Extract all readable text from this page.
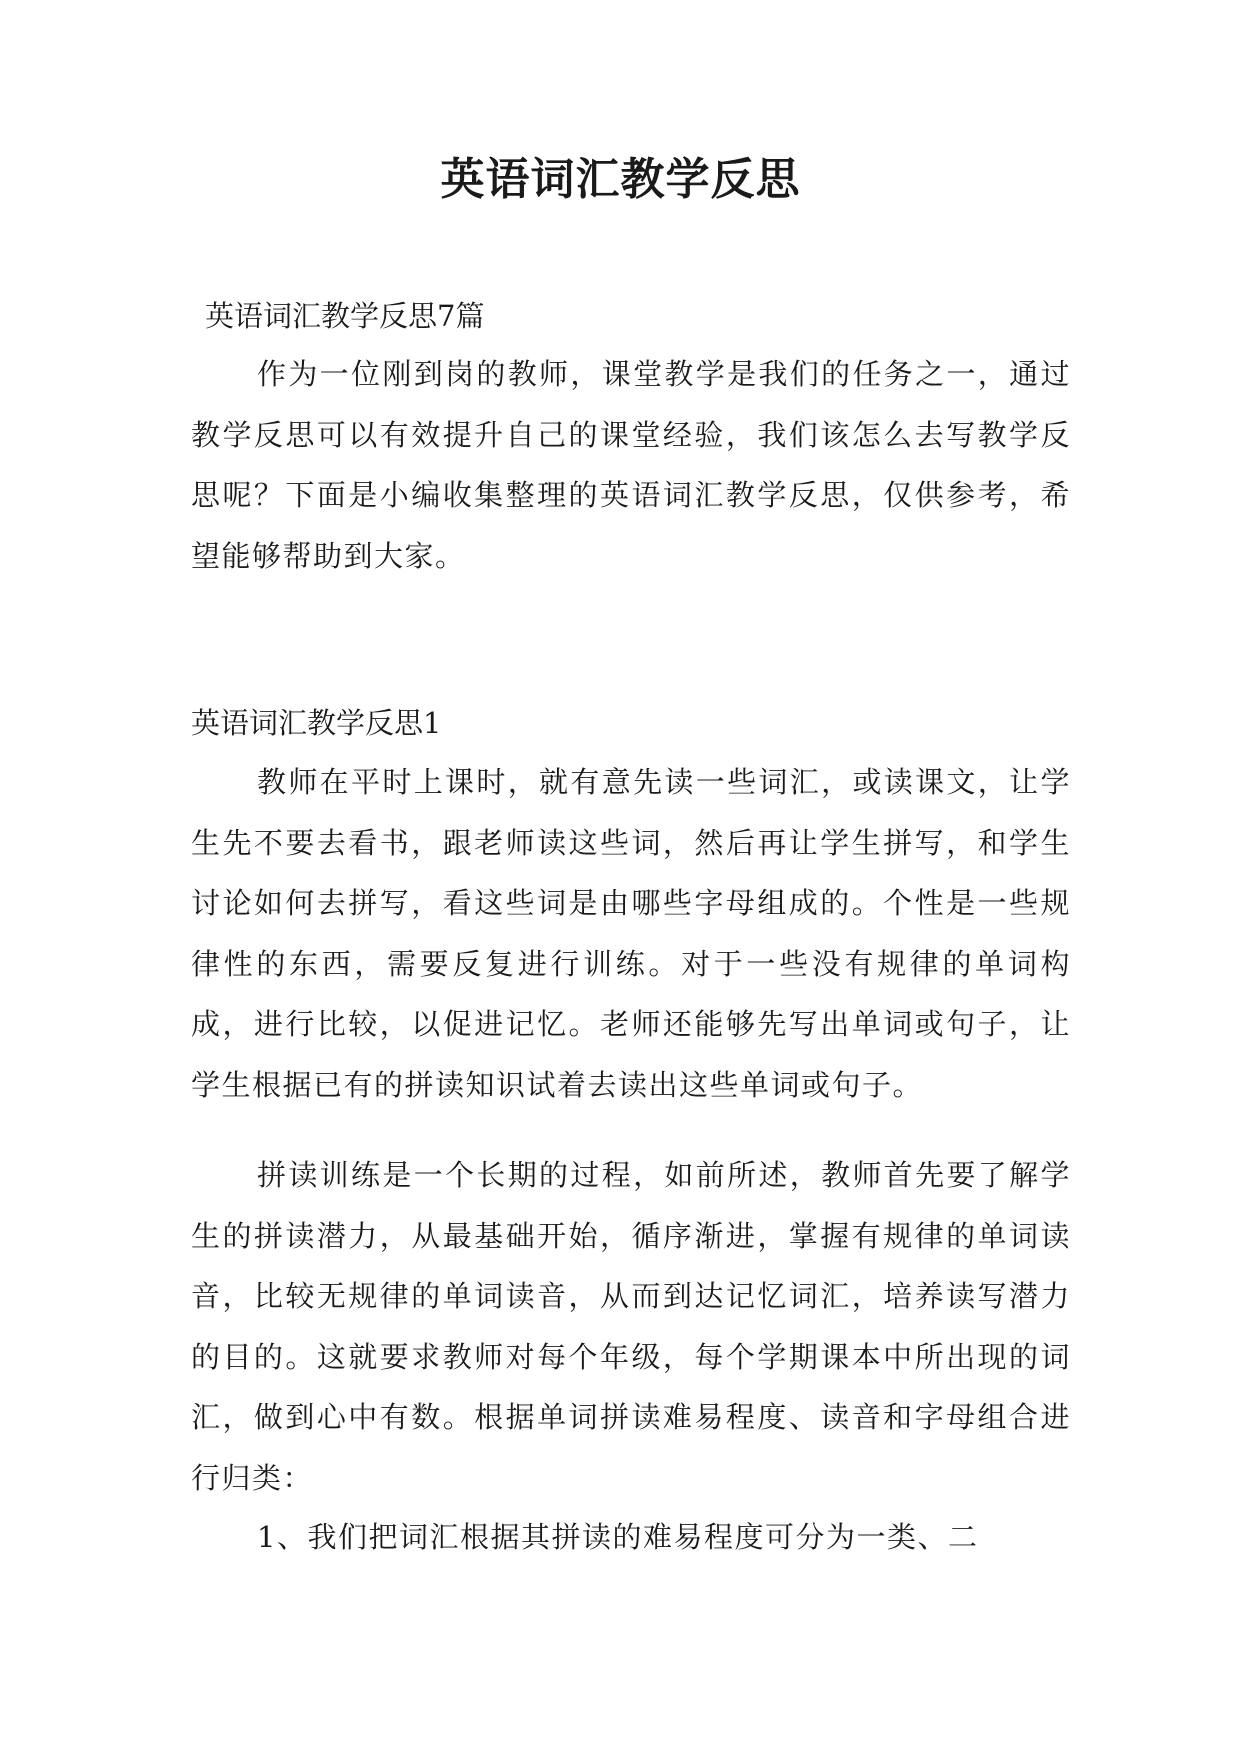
英语词汇教学反思

英语词汇教学反思7篇

作为一位刚到岗的教师，课堂教学是我们的任务之一，通过教学反思可以有效提升自己的课堂经验，我们该怎么去写教学反思呢？下面是小编收集整理的英语词汇教学反思，仅供参考，希望能够帮助到大家。

英语词汇教学反思1

教师在平时上课时，就有意先读一些词汇，或读课文，让学生先不要去看书，跟老师读这些词，然后再让学生拼写，和学生讨论如何去拼写，看这些词是由哪些字母组成的。个性是一些规律性的东西，需要反复进行训练。对于一些没有规律的单词构成，进行比较，以促进记忆。老师还能够先写出单词或句子，让学生根据已有的拼读知识试着去读出这些单词或句子。

拼读训练是一个长期的过程，如前所述，教师首先要了解学生的拼读潜力，从最基础开始，循序渐进，掌握有规律的单词读音，比较无规律的单词读音，从而到达记忆词汇，培养读写潜力的目的。这就要求教师对每个年级，每个学期课本中所出现的词汇，做到心中有数。根据单词拼读难易程度、读音和字母组合进行归类：

1、我们把词汇根据其拼读的难易程度可分为一类、二
